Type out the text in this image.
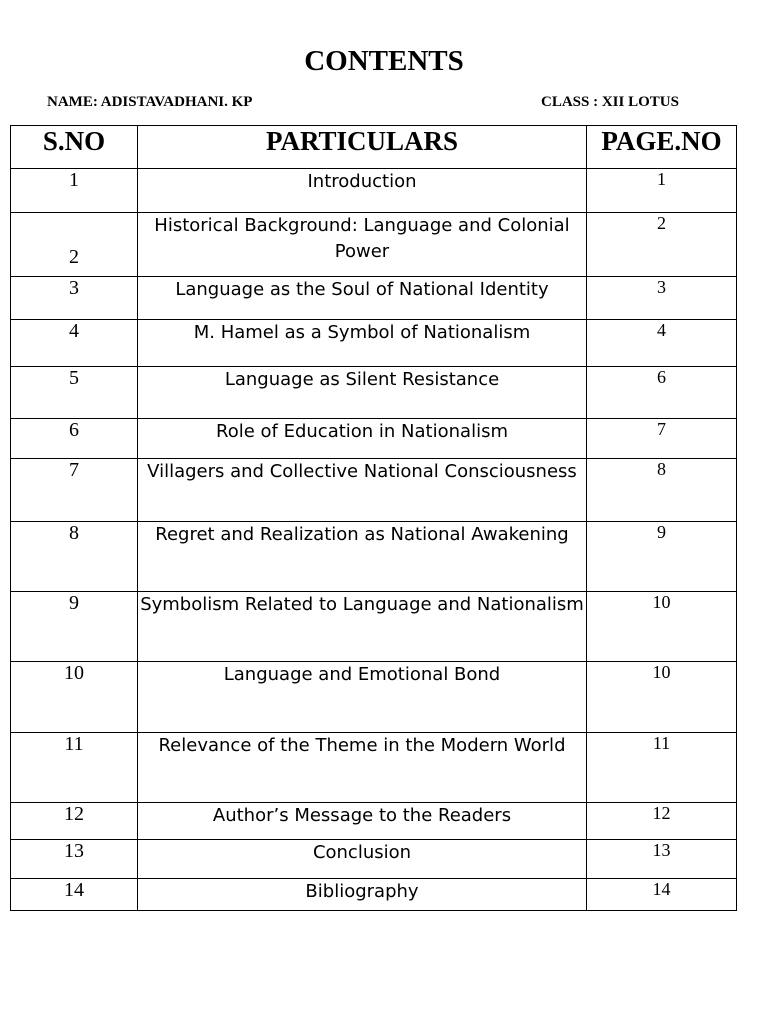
CONTENTS
NAME: ADISTAVADHANI. KP	CLASS : XII LOTUS
S.NO	PARTICULARS	PAGE.NO
1	Introduction	1
2	Historical Background: Language and Colonial Power	2
3	Language as the Soul of National Identity	3
4	M. Hamel as a Symbol of Nationalism	4
5	Language as Silent Resistance	6
6	Role of Education in Nationalism	7
7	Villagers and Collective National Consciousness	8
8	Regret and Realization as National Awakening	9
9	Symbolism Related to Language and Nationalism	10
10	Language and Emotional Bond	10
11	Relevance of the Theme in the Modern World	11
12	Author’s Message to the Readers	12
13	Conclusion	13
14	Bibliography	14
